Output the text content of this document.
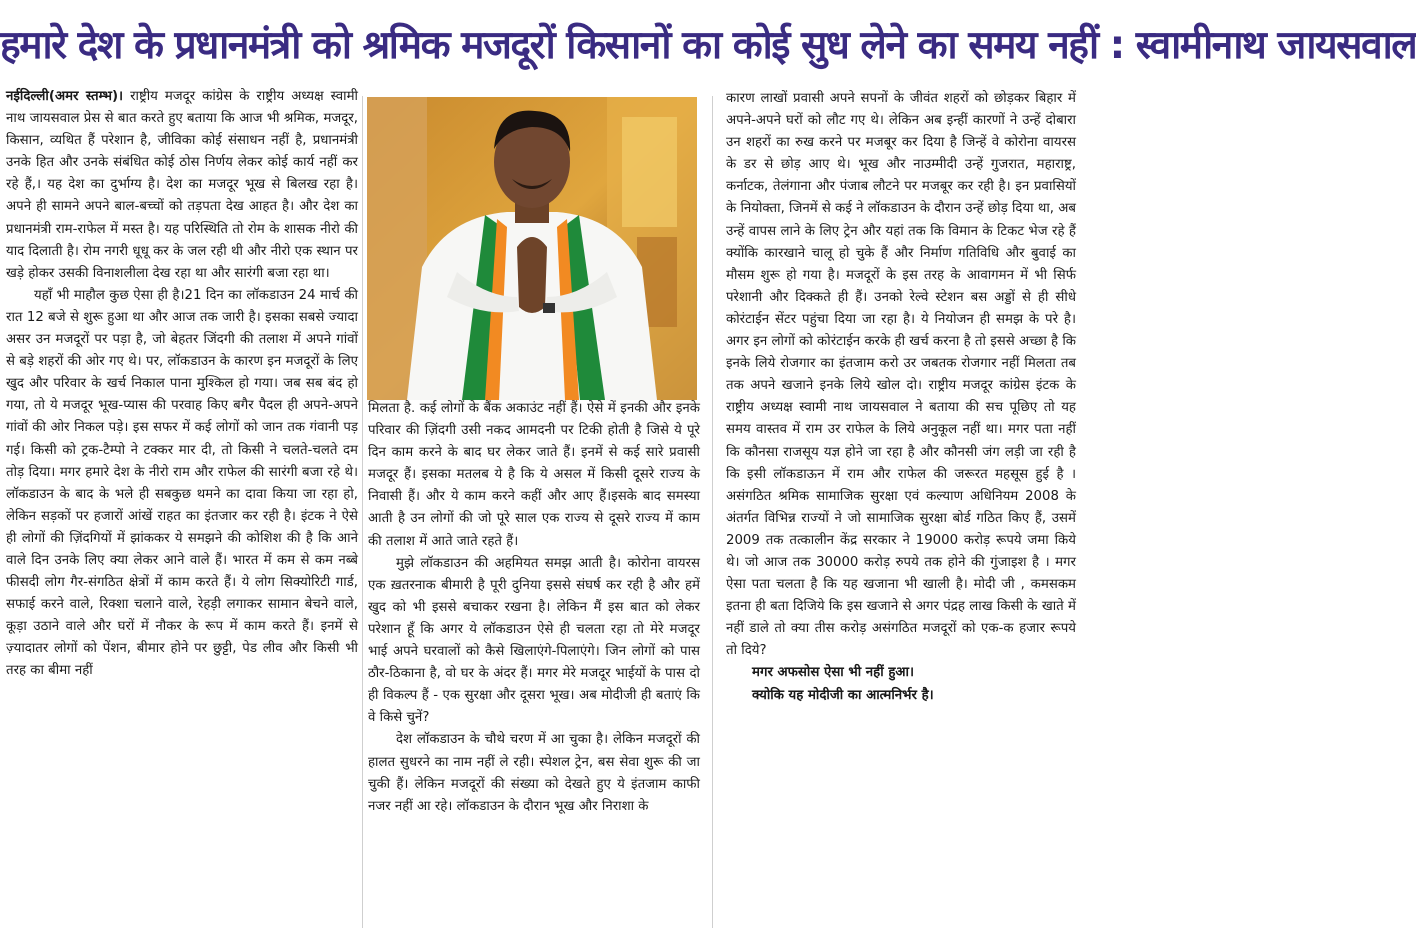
हमारे देश के प्रधानमंत्री को श्रमिक मजदूरों किसानों का कोई सुध लेने का समय नहीं : स्वामीनाथ जायसवाल

नईदिल्ली(अमर स्तम्भ)। राष्ट्रीय मजदूर कांग्रेस के राष्ट्रीय अध्यक्ष स्वामी नाथ जायसवाल प्रेस से बात करते हुए बताया कि आज भी श्रमिक, मजदूर, किसान, व्यथित हैं परेशान है, जीविका कोई संसाधन नहीं है, प्रधानमंत्री उनके हित और उनके संबंधित कोई ठोस निर्णय लेकर कोई कार्य नहीं कर रहे हैं,। यह देश का दुर्भाग्य है। देश का मजदूर भूख से बिलख रहा है। अपने ही सामने अपने बाल-बच्चों को तड़पता देख आहत है। और देश का प्रधानमंत्री राम-राफेल में मस्त है। यह परिस्थिति तो रोम के शासक नीरो की याद दिलाती है। रोम नगरी धूधू कर के जल रही थी और नीरो एक स्थान पर खड़े होकर उसकी विनाशलीला देख रहा था और सारंगी बजा रहा था।

यहाँ भी माहौल कुछ ऐसा ही है।21 दिन का लॉकडाउन 24 मार्च की रात 12 बजे से शुरू हुआ था और आज तक जारी है। इसका सबसे ज्यादा असर उन मजदूरों पर पड़ा है, जो बेहतर जिंदगी की तलाश में अपने गांवों से बड़े शहरों की ओर गए थे। पर, लॉकडाउन के कारण इन मजदूरों के लिए खुद और परिवार के खर्च निकाल पाना मुश्किल हो गया। जब सब बंद हो गया, तो ये मजदूर भूख-प्यास की परवाह किए बगैर पैदल ही अपने-अपने गांवों की ओर निकल पड़े। इस सफर में कई लोगों को जान तक गंवानी पड़ गई। किसी को ट्रक-टैम्पो ने टक्कर मार दी, तो किसी ने चलते-चलते दम तोड़ दिया। मगर हमारे देश के नीरो राम और राफेल की सारंगी बजा रहे थे। लॉकडाउन के बाद के भले ही सबकुछ थमने का दावा किया जा रहा हो, लेकिन सड़कों पर हजारों आंखें राहत का इंतजार कर रही है। इंटक ने ऐसे ही लोगों की ज़िंदगियों में झांककर ये समझने की कोशिश की है कि आने वाले दिन उनके लिए क्या लेकर आने वाले हैं। भारत में कम से कम नब्बे फीसदी लोग गैर-संगठित क्षेत्रों में काम करते हैं। ये लोग सिक्योरिटी गार्ड, सफाई करने वाले, रिक्शा चलाने वाले, रेहड़ी लगाकर सामान बेचने वाले, कूड़ा उठाने वाले और घरों में नौकर के रूप में काम करते हैं। इनमें से ज़्यादातर लोगों को पेंशन, बीमार होने पर छुट्टी, पेड लीव और किसी भी तरह का बीमा नहीं

मिलता है. कई लोगों के बैंक अकाउंट नहीं हैं। ऐसे में इनकी और इनके परिवार की ज़िंदगी उसी नकद आमदनी पर टिकी होती है जिसे ये पूरे दिन काम करने के बाद घर लेकर जाते हैं। इनमें से कई सारे प्रवासी मजदूर हैं। इसका मतलब ये है कि ये असल में किसी दूसरे राज्य के निवासी हैं। और ये काम करने कहीं और आए हैं।इसके बाद समस्या आती है उन लोगों की जो पूरे साल एक राज्य से दूसरे राज्य में काम की तलाश में आते जाते रहते हैं।

मुझे लॉकडाउन की अहमियत समझ आती है। कोरोना वायरस एक ख़तरनाक बीमारी है पूरी दुनिया इससे संघर्ष कर रही है और हमें खुद को भी इससे बचाकर रखना है। लेकिन मैं इस बात को लेकर परेशान हूँ कि अगर ये लॉकडाउन ऐसे ही चलता रहा तो मेरे मजदूर भाई अपने घरवालों को कैसे खिलाएंगे-पिलाएंगे। जिन लोगों को पास ठौर-ठिकाना है, वो घर के अंदर हैं। मगर मेरे मजदूर भाईयों के पास दो ही विकल्प हैं - एक सुरक्षा और दूसरा भूख। अब मोदीजी ही बताएं कि वे किसे चुनें?

देश लॉकडाउन के चौथे चरण में आ चुका है। लेकिन मजदूरों की हालत सुधरने का नाम नहीं ले रही। स्पेशल ट्रेन, बस सेवा शुरू की जा चुकी हैं। लेकिन मजदूरों की संख्या को देखते हुए ये इंतजाम काफी नजर नहीं आ रहे। लॉकडाउन के दौरान भूख और निराशा के

कारण लाखों प्रवासी अपने सपनों के जीवंत शहरों को छोड़कर बिहार में अपने-अपने घरों को लौट गए थे। लेकिन अब इन्हीं कारणों ने उन्हें दोबारा उन शहरों का रुख करने पर मजबूर कर दिया है जिन्हें वे कोरोना वायरस के डर से छोड़ आए थे। भूख और नाउम्मीदी उन्हें गुजरात, महाराष्ट्र, कर्नाटक, तेलंगाना और पंजाब लौटने पर मजबूर कर रही है। इन प्रवासियों के नियोक्ता, जिनमें से कई ने लॉकडाउन के दौरान उन्हें छोड़ दिया था, अब उन्हें वापस लाने के लिए ट्रेन और यहां तक कि विमान के टिकट भेज रहे हैं क्योंकि कारखाने चालू हो चुके हैं और निर्माण गतिविधि और बुवाई का मौसम शुरू हो गया है। मजदूरों के इस तरह के आवागमन में भी सिर्फ परेशानी और दिक्कते ही हैं। उनको रेल्वे स्टेशन बस अड्डों से ही सीधे कोरंटाईन सेंटर पहुंचा दिया जा रहा है। ये नियोजन ही समझ के परे है। अगर इन लोगों को कोरंटाईन करके ही खर्च करना है तो इससे अच्छा है कि इनके लिये रोजगार का इंतजाम करो उर जबतक रोजगार नहीं मिलता तब तक अपने खजाने इनके लिये खोल दो। राष्ट्रीय मजदूर कांग्रेस इंटक के राष्ट्रीय अध्यक्ष स्वामी नाथ जायसवाल ने बताया की सच पूछिए तो यह समय वास्तव में राम उर राफेल के लिये अनुकूल नहीं था। मगर पता नहीं कि कौनसा राजसूय यज्ञ होने जा रहा है और कौनसी जंग लड़ी जा रही है कि इसी लॉकडाऊन में राम और राफेल की जरूरत महसूस हुई है । असंगठित श्रमिक सामाजिक सुरक्षा एवं कल्याण अधिनियम 2008 के अंतर्गत विभिन्न राज्यों ने जो सामाजिक सुरक्षा बोर्ड गठित किए हैं, उसमें 2009 तक तत्कालीन केंद्र सरकार ने 19000 करोड़ रूपये जमा किये थे। जो आज तक 30000 करोड़ रुपये तक होने की गुंजाइश है । मगर ऐसा पता चलता है कि यह खजाना भी खाली है। मोदी जी , कमसकम इतना ही बता दिजिये कि इस खजाने से अगर पंद्रह लाख किसी के खाते में नहीं डाले तो क्या तीस करोड़ असंगठित मजदूरों को एक-क हजार रूपये तो दिये?

मगर अफसोस ऐसा भी नहीं हुआ।

क्योकि यह मोदीजी का आत्मनिर्भर है।
